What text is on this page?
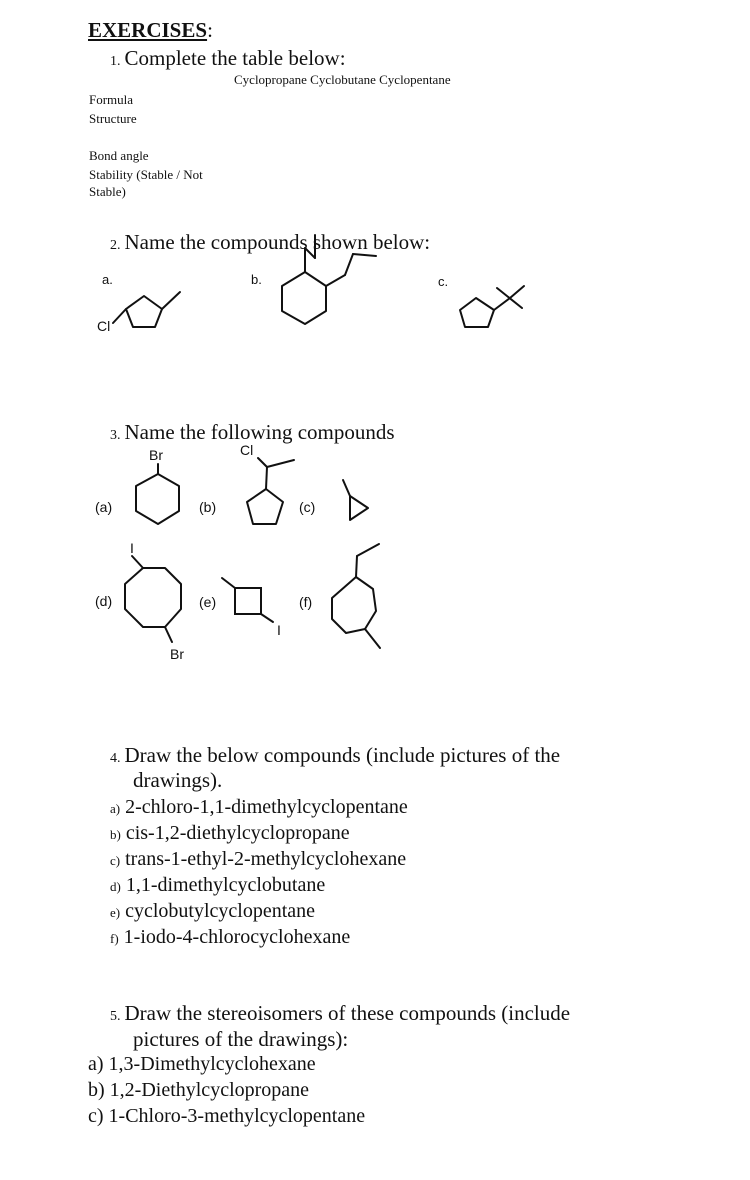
EXERCISES:
1. Complete the table below:
Cyclopropane Cyclobutane Cyclopentane
Formula
Structure
Bond angle
Stability (Stable / Not
Stable)
2. Name the compounds shown below:
a.	b.	c.
Cl
3. Name the following compounds
Br	Cl
(a)	(b)	(c)
I
(d)	(e)	(f)
I
Br
4. Draw the below compounds (include pictures of the
drawings).
a) 2-chloro-1,1-dimethylcyclopentane
b) cis-1,2-diethylcyclopropane
c) trans-1-ethyl-2-methylcyclohexane
d) 1,1-dimethylcyclobutane
e) cyclobutylcyclopentane
f) 1-iodo-4-chlorocyclohexane
5. Draw the stereoisomers of these compounds (include
pictures of the drawings):
a) 1,3-Dimethylcyclohexane
b) 1,2-Diethylcyclopropane
c) 1-Chloro-3-methylcyclopentane
